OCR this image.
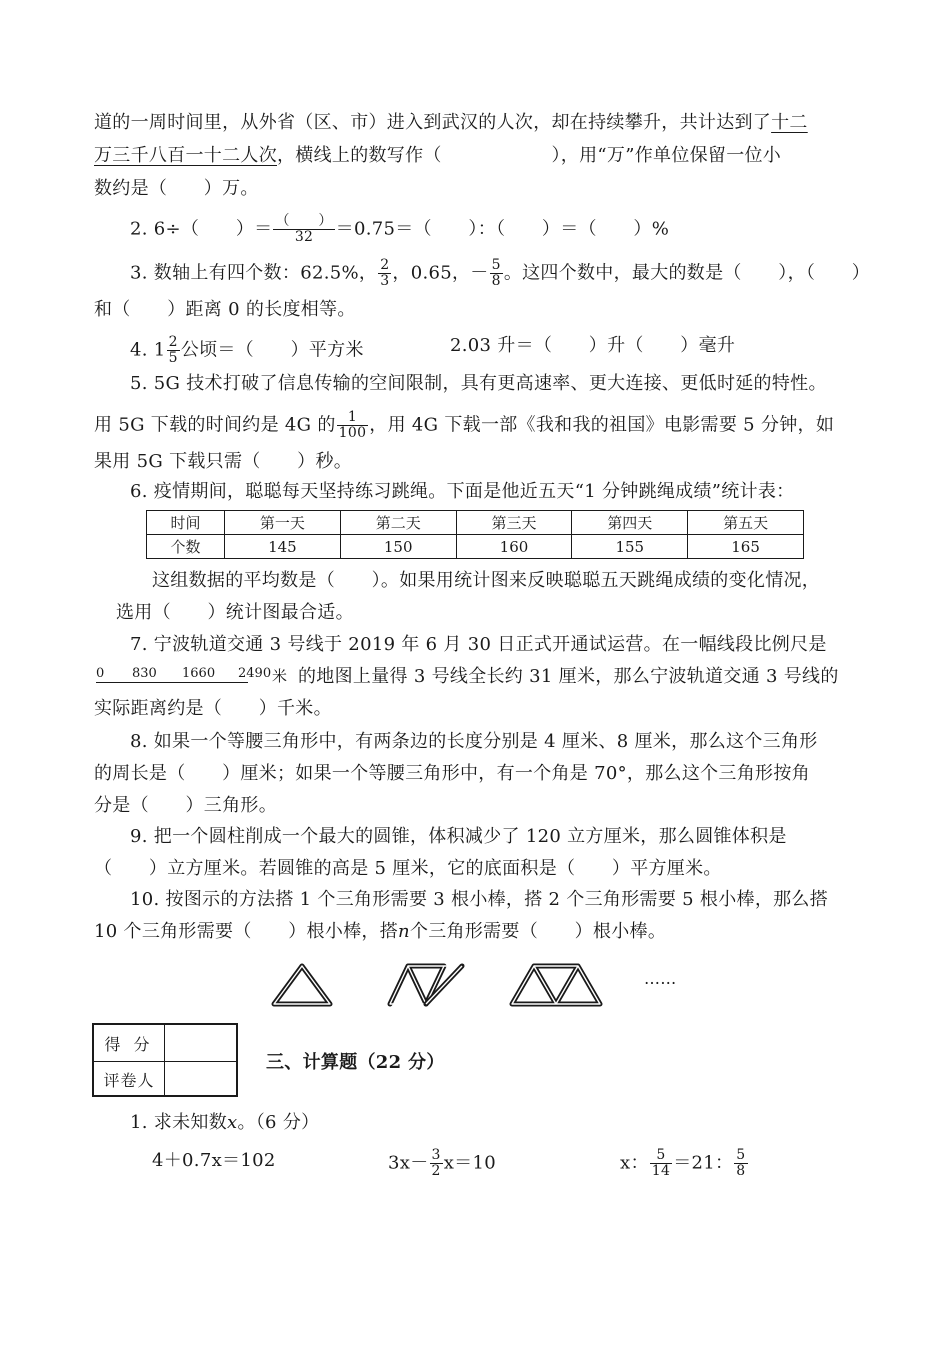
道的一周时间里，从外省（区、市）进入到武汉的人次，却在持续攀升，共计达到了十二
万三千八百一十二人次，横线上的数写作（　　　　　　），用“万”作单位保留一位小
数约是（　　）万。
2. 6÷（　　）＝ $\frac{( )}{32} =0.75=$（　　）：（　　）＝（　　）%
3. 数轴上有四个数：62.5%， $\frac{2}{3}$ ，0.65，－ $\frac{5}{8}$ 。这四个数中，最大的数是（　　），（　　）
和（　　）距离 0 的长度相等。
4. $1 \frac{2}{5}$ 公顷＝（　　）平方米	2.03 升＝（　　）升（　　）毫升
5. 5G 技术打破了信息传输的空间限制，具有更高速率、更大连接、更低时延的特性。
用 5G 下载的时间约是 4G 的 $\frac{1}{100}$ ，用 4G 下载一部《我和我的祖国》电影需要 5 分钟，如
果用 5G 下载只需（　　）秒。
6. 疫情期间，聪聪每天坚持练习跳绳。下面是他近五天“1 分钟跳绳成绩”统计表：
时间	第一天	第二天	第三天	第四天	第五天
个数	145	150	160	155	165
这组数据的平均数是（　　）。如果用统计图来反映聪聪五天跳绳成绩的变化情况，
选用（　　）统计图最合适。
7. 宁波轨道交通 3 号线于 2019 年 6 月 30 日正式开通试运营。在一幅线段比例尺是
0 830 1660 2490 米 的地图上量得 3 号线全长约 31 厘米，那么宁波轨道交通 3 号线的
实际距离约是（　　）千米。
8. 如果一个等腰三角形中，有两条边的长度分别是 4 厘米、8 厘米，那么这个三角形
的周长是（　　）厘米；如果一个等腰三角形中，有一个角是 70°，那么这个三角形按角
分是（　　）三角形。
9. 把一个圆柱削成一个最大的圆锥，体积减少了 120 立方厘米，那么圆锥体积是
（　　）立方厘米。若圆锥的高是 5 厘米，它的底面积是（　　）平方厘米。
10. 按图示的方法搭 1 个三角形需要 3 根小棒，搭 2 个三角形需要 5 根小棒，那么搭
10 个三角形需要（　　）根小棒，搭n个三角形需要（　　）根小棒。
……
得 分
评卷人
三、计算题（22 分）
1. 求未知数x。（6 分）
4＋0.7x＝102	$3x- \frac{3}{2} x=10$	x： $\frac{5}{14} =21$： $\frac{5}{8}$
